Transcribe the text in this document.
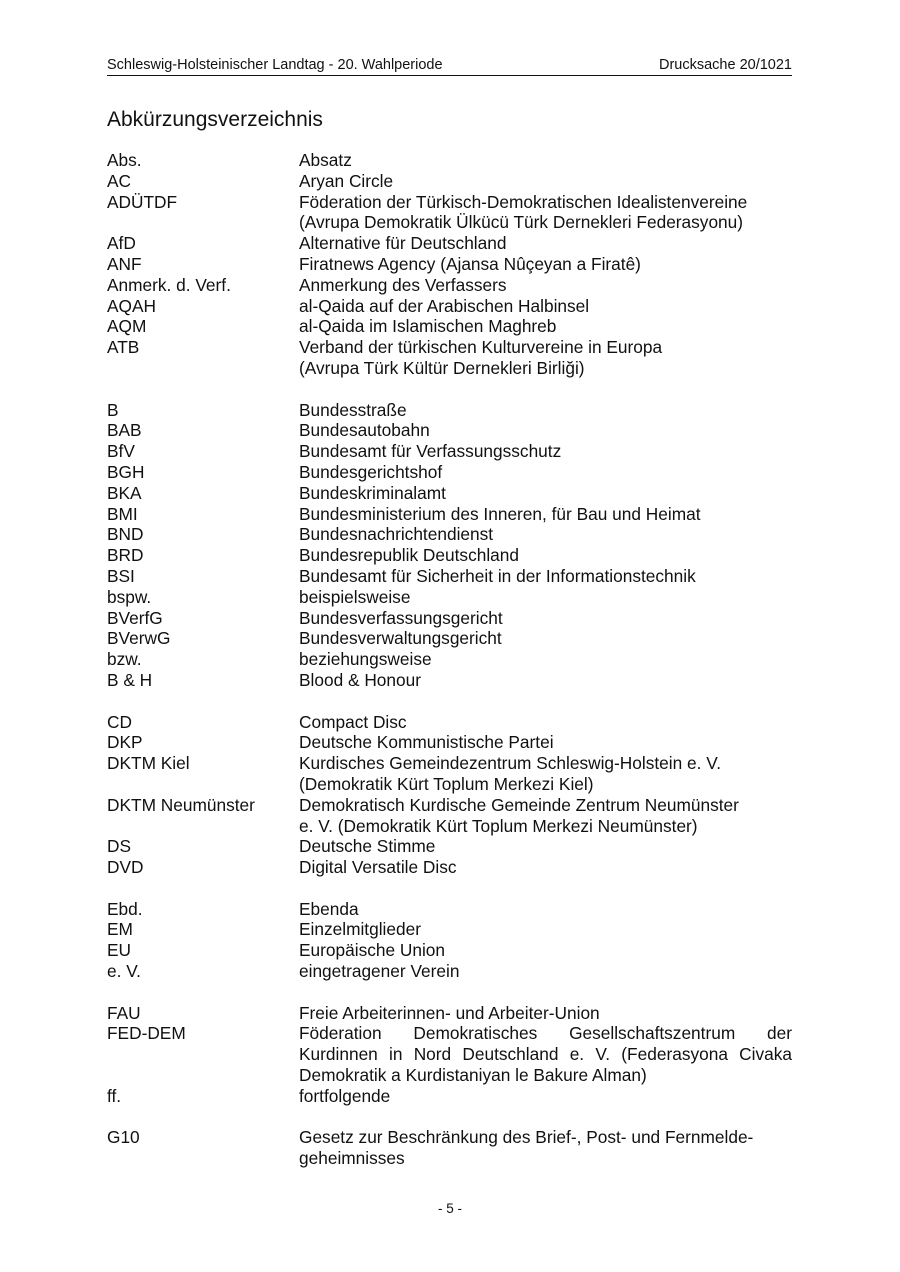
Schleswig-Holsteinischer Landtag - 20. Wahlperiode	Drucksache 20/1021
Abkürzungsverzeichnis
Abs.	Absatz
AC	Aryan Circle
ADÜTDF	Föderation der Türkisch-Demokratischen Idealistenvereine
(Avrupa Demokratik Ülkücü Türk Dernekleri Federasyonu)
AfD	Alternative für Deutschland
ANF	Firatnews Agency (Ajansa Nûçeyan a Firatê)
Anmerk. d. Verf.	Anmerkung des Verfassers
AQAH	al-Qaida auf der Arabischen Halbinsel
AQM	al-Qaida im Islamischen Maghreb
ATB	Verband der türkischen Kulturvereine in Europa
(Avrupa Türk Kültür Dernekleri Birliği)
B	Bundesstraße
BAB	Bundesautobahn
BfV	Bundesamt für Verfassungsschutz
BGH	Bundesgerichtshof
BKA	Bundeskriminalamt
BMI	Bundesministerium des Inneren, für Bau und Heimat
BND	Bundesnachrichtendienst
BRD	Bundesrepublik Deutschland
BSI	Bundesamt für Sicherheit in der Informationstechnik
bspw.	beispielsweise
BVerfG	Bundesverfassungsgericht
BVerwG	Bundesverwaltungsgericht
bzw.	beziehungsweise
B & H	Blood & Honour
CD	Compact Disc
DKP	Deutsche Kommunistische Partei
DKTM Kiel	Kurdisches Gemeindezentrum Schleswig-Holstein e. V.
(Demokratik Kürt Toplum Merkezi Kiel)
DKTM Neumünster	Demokratisch Kurdische Gemeinde Zentrum Neumünster
e. V. (Demokratik Kürt Toplum Merkezi Neumünster)
DS	Deutsche Stimme
DVD	Digital Versatile Disc
Ebd.	Ebenda
EM	Einzelmitglieder
EU	Europäische Union
e. V.	eingetragener Verein
FAU	Freie Arbeiterinnen- und Arbeiter-Union
FED-DEM	Föderation Demokratisches Gesellschaftszentrum der Kurdinnen in Nord Deutschland e. V. (Federasyona Civaka Demokratik a Kurdistaniyan le Bakure Alman)
ff.	fortfolgende
G10	Gesetz zur Beschränkung des Brief-, Post- und Fernmelde-
geheimnisses
- 5 -
